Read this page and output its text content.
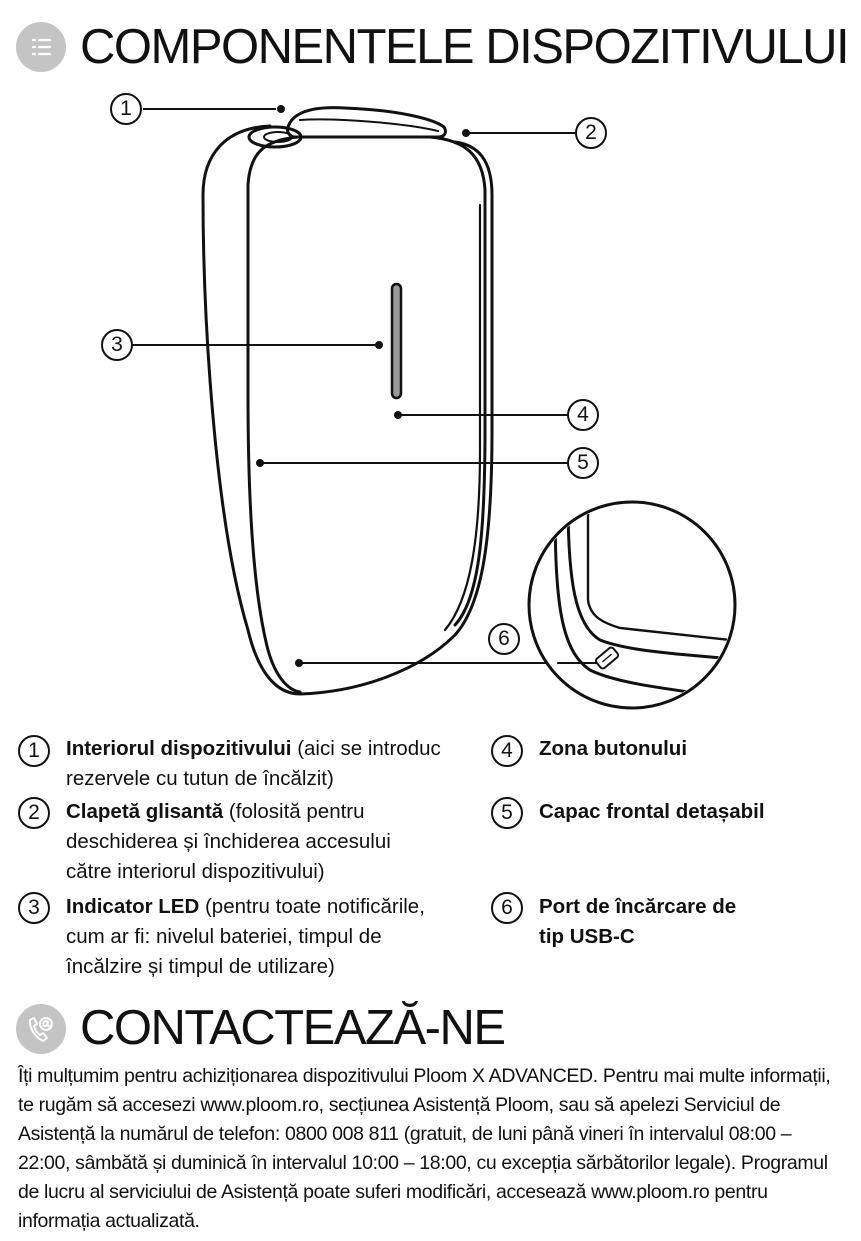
COMPONENTELE DISPOZITIVULUI
1
2
3
4
5
6
1	Interiorul dispozitivului (aici se introduc rezervele cu tutun de încălzit)
2	Clapetă glisantă (folosită pentru deschiderea și închiderea accesului către interiorul dispozitivului)
3	Indicator LED (pentru toate notificările, cum ar fi: nivelul bateriei, timpul de încălzire și timpul de utilizare)
4	Zona butonului
5	Capac frontal detașabil
6	Port de încărcare de tip USB-C
CONTACTEAZĂ-NE
Îți mulțumim pentru achiziționarea dispozitivului Ploom X ADVANCED. Pentru mai multe informații, te rugăm să accesezi www.ploom.ro, secțiunea Asistență Ploom, sau să apelezi Serviciul de Asistență la numărul de telefon: 0800 008 811 (gratuit, de luni până vineri în intervalul 08:00 – 22:00, sâmbătă și duminică în intervalul 10:00 – 18:00, cu excepția sărbătorilor legale). Programul de lucru al serviciului de Asistență poate suferi modificări, accesează www.ploom.ro pentru informația actualizată.
